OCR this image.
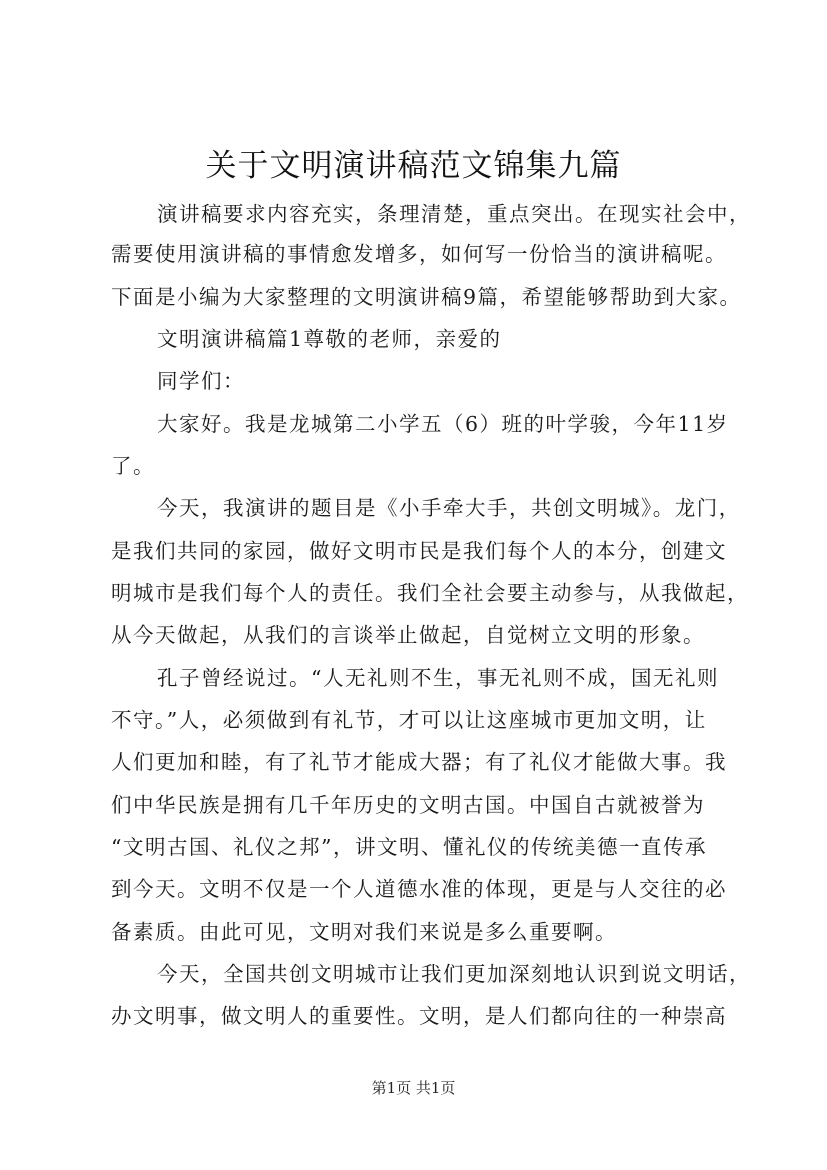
关于文明演讲稿范文锦集九篇
演讲稿要求内容充实，条理清楚，重点突出。在现实社会中，
需要使用演讲稿的事情愈发增多，如何写一份恰当的演讲稿呢。
下面是小编为大家整理的文明演讲稿9篇，希望能够帮助到大家。
文明演讲稿篇1尊敬的老师，亲爱的
同学们：
大家好。我是龙城第二小学五（6）班的叶学骏，今年11岁
了。
今天，我演讲的题目是《小手牵大手，共创文明城》。龙门，
是我们共同的家园，做好文明市民是我们每个人的本分，创建文
明城市是我们每个人的责任。我们全社会要主动参与，从我做起，
从今天做起，从我们的言谈举止做起，自觉树立文明的形象。
孔子曾经说过。“人无礼则不生，事无礼则不成，国无礼则
不守。”人，必须做到有礼节，才可以让这座城市更加文明，让
人们更加和睦，有了礼节才能成大器；有了礼仪才能做大事。我
们中华民族是拥有几千年历史的文明古国。中国自古就被誉为
“文明古国、礼仪之邦”，讲文明、懂礼仪的传统美德一直传承
到今天。文明不仅是一个人道德水准的体现，更是与人交往的必
备素质。由此可见，文明对我们来说是多么重要啊。
今天，全国共创文明城市让我们更加深刻地认识到说文明话，
办文明事，做文明人的重要性。文明，是人们都向往的一种崇高
第1页 共1页
